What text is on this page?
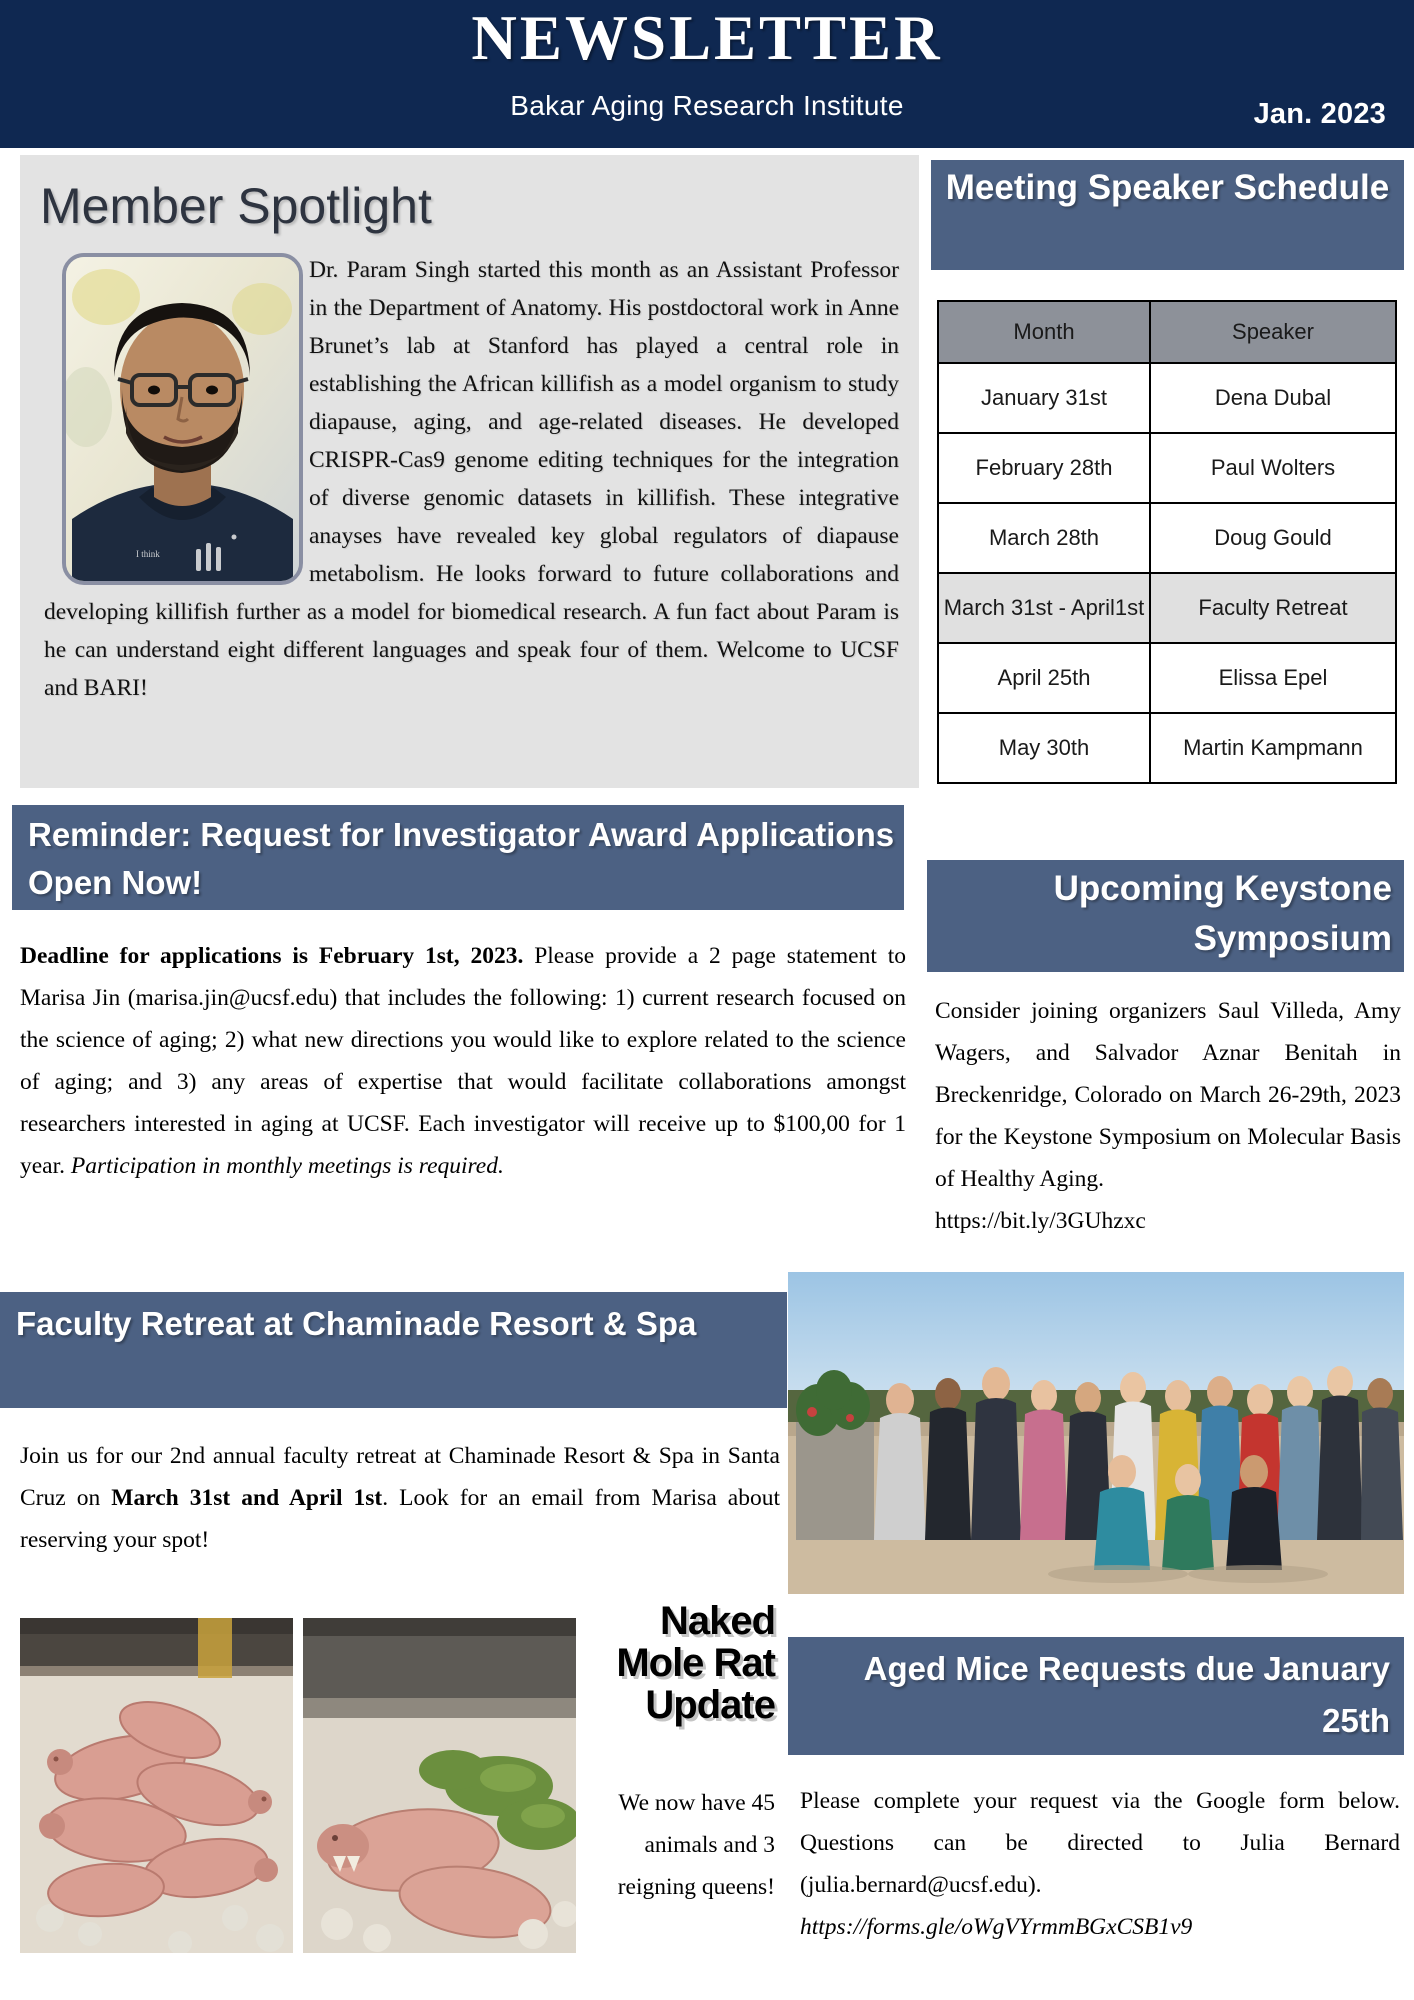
NEWSLETTER
Bakar Aging Research Institute	Jan. 2023
Member Spotlight
I think
Dr. Param Singh started this month as an Assistant Professor in the Department of Anatomy. His postdoctoral work in Anne Brunet’s lab at Stanford has played a central role in establishing the African killifish as a model organism to study diapause, aging, and age-related diseases. He developed CRISPR-Cas9 genome editing techniques for the integration of diverse genomic datasets in killifish. These integrative anayses have revealed key global regulators of diapause metabolism. He looks forward to future collaborations and developing killifish further as a model for biomedical research. A fun fact about Param is he can understand eight different languages and speak four of them. Welcome to UCSF and BARI!
Reminder: Request for Investigator Award Applications Open Now!
Deadline for applications is February 1st, 2023. Please provide a 2 page statement to Marisa Jin (marisa.jin@ucsf.edu) that includes the following: 1) current research focused on the science of aging; 2) what new directions you would like to explore related to the science of aging; and 3) any areas of expertise that would facilitate collaborations amongst researchers interested in aging at UCSF. Each investigator will receive up to $100,00 for 1 year. Participation in monthly meetings is required.
Meeting Speaker Schedule
Month	Speaker
January 31st	Dena Dubal
February 28th	Paul Wolters
March 28th	Doug Gould
March 31st - April1st	Faculty Retreat
April 25th	Elissa Epel
May 30th	Martin Kampmann
Upcoming Keystone Symposium
Consider joining organizers Saul Villeda, Amy Wagers, and Salvador Aznar Benitah in Breckenridge, Colorado on March 26-29th, 2023 for the Keystone Symposium on Molecular Basis of Healthy Aging.
https://bit.ly/3GUhzxc
Faculty Retreat at Chaminade Resort & Spa
Join us for our 2nd annual faculty retreat at Chaminade Resort & Spa in Santa Cruz on March 31st and April 1st. Look for an email from Marisa about reserving your spot!
Naked
Mole Rat
Update
We now have 45 animals and 3 reigning queens!
Aged Mice Requests due January 25th
Please complete your request via the Google form below. Questions can be directed to Julia Bernard (julia.bernard@ucsf.edu).
https://forms.gle/oWgVYrmmBGxCSB1v9
